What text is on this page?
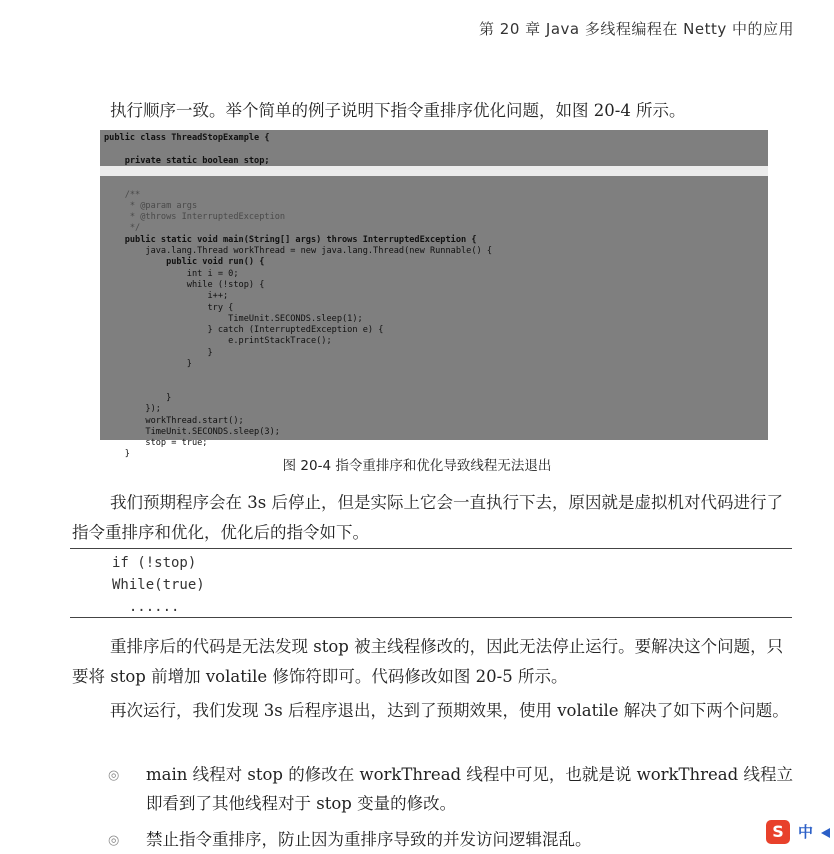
第 20 章 Java 多线程编程在 Netty 中的应用
执行顺序一致。举个简单的例子说明下指令重排序优化问题，如图 20-4 所示。
public class ThreadStopExample {
private static boolean stop;
/**
* @param args
* @throws InterruptedException
*/
public static void main(String[] args) throws InterruptedException {
java.lang.Thread workThread = new java.lang.Thread(new Runnable() {
public void run() {
int i = 0;
while (!stop) {
i++;
try {
TimeUnit.SECONDS.sleep(1);
} catch (InterruptedException e) {
e.printStackTrace();
}
}
}
});
workThread.start();
TimeUnit.SECONDS.sleep(3);
stop = true;
}
图 20-4 指令重排序和优化导致线程无法退出
我们预期程序会在 3s 后停止，但是实际上它会一直执行下去，原因就是虚拟机对代码进行了指令重排序和优化，优化后的指令如下。
if (!stop)
While(true)
......
重排序后的代码是无法发现 stop 被主线程修改的，因此无法停止运行。要解决这个问题，只要将 stop 前增加 volatile 修饰符即可。代码修改如图 20-5 所示。
再次运行，我们发现 3s 后程序退出，达到了预期效果，使用 volatile 解决了如下两个问题。
◎ main 线程对 stop 的修改在 workThread 线程中可见，也就是说 workThread 线程立即看到了其他线程对于 stop 变量的修改。
◎ 禁止指令重排序，防止因为重排序导致的并发访问逻辑混乱。	S 中
